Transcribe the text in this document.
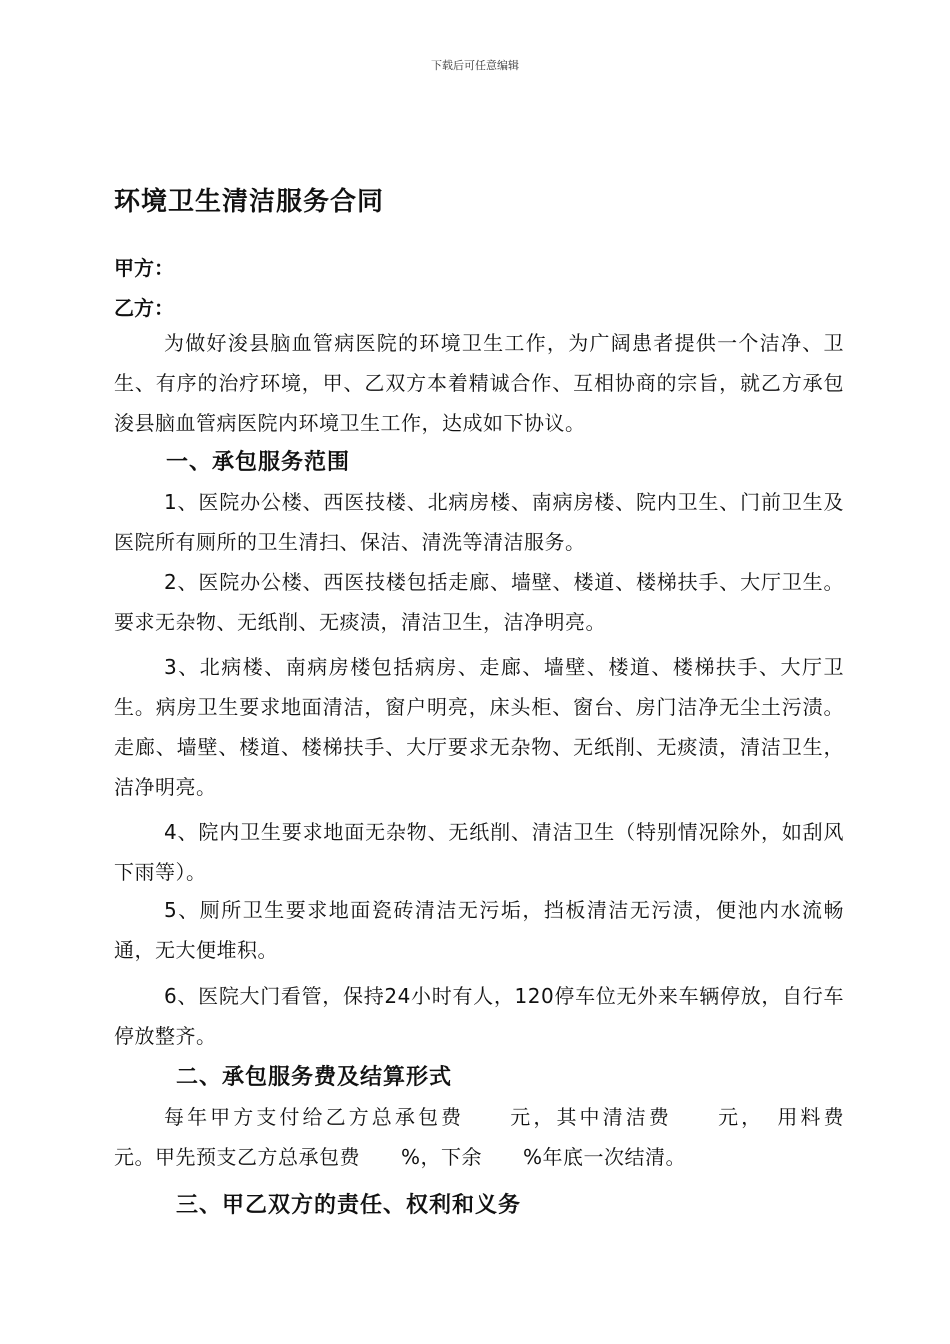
下载后可任意编辑
环境卫生清洁服务合同
甲方：
乙方：
为做好浚县脑血管病医院的环境卫生工作，为广阔患者提供一个洁净、卫生、有序的治疗环境，甲、乙双方本着精诚合作、互相协商的宗旨，就乙方承包浚县脑血管病医院内环境卫生工作，达成如下协议。
一、承包服务范围
1、医院办公楼、西医技楼、北病房楼、南病房楼、院内卫生、门前卫生及医院所有厕所的卫生清扫、保洁、清洗等清洁服务。
2、医院办公楼、西医技楼包括走廊、墙壁、楼道、楼梯扶手、大厅卫生。要求无杂物、无纸削、无痰渍，清洁卫生，洁净明亮。
3、北病楼、南病房楼包括病房、走廊、墙壁、楼道、楼梯扶手、大厅卫生。病房卫生要求地面清洁，窗户明亮，床头柜、窗台、房门洁净无尘土污渍。走廊、墙壁、楼道、楼梯扶手、大厅要求无杂物、无纸削、无痰渍，清洁卫生，洁净明亮。
4、院内卫生要求地面无杂物、无纸削、清洁卫生（特别情况除外，如刮风下雨等）。
5、厕所卫生要求地面瓷砖清洁无污垢，挡板清洁无污渍，便池内水流畅通，无大便堆积。
6、医院大门看管，保持24小时有人，120停车位无外来车辆停放，自行车停放整齐。
二、承包服务费及结算形式
每年甲方支付给乙方总承包费　　元，其中清洁费　　元，　用料费　　元。甲先预支乙方总承包费　　%，下余　　%年底一次结清。
三、甲乙双方的责任、权利和义务
